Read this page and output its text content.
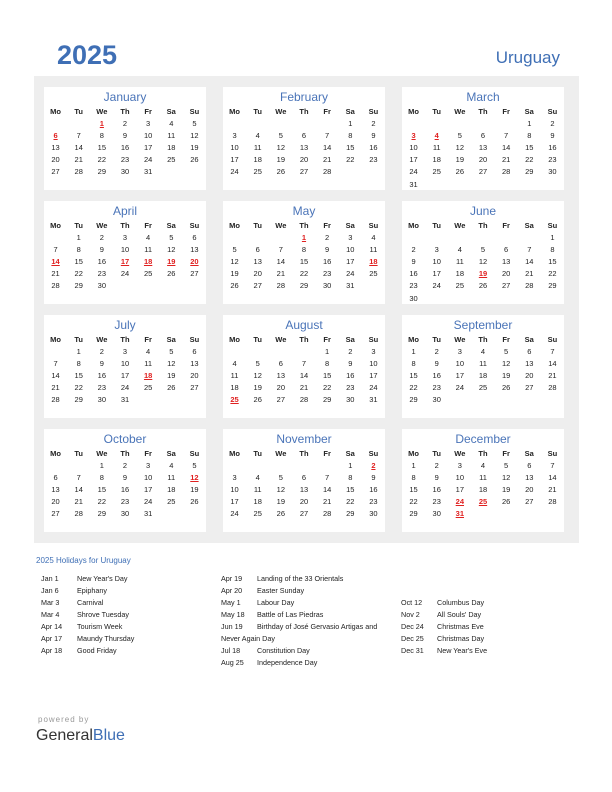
2025	Uruguay
January
Mo	Tu	We	Th	Fr	Sa	Su
		1	2	3	4	5
6	7	8	9	10	11	12
13	14	15	16	17	18	19
20	21	22	23	24	25	26
27	28	29	30	31		
February
Mo	Tu	We	Th	Fr	Sa	Su
					1	2
3	4	5	6	7	8	9
10	11	12	13	14	15	16
17	18	19	20	21	22	23
24	25	26	27	28		
March
Mo	Tu	We	Th	Fr	Sa	Su
					1	2
3	4	5	6	7	8	9
10	11	12	13	14	15	16
17	18	19	20	21	22	23
24	25	26	27	28	29	30
31						
April
Mo	Tu	We	Th	Fr	Sa	Su
	1	2	3	4	5	6
7	8	9	10	11	12	13
14	15	16	17	18	19	20
21	22	23	24	25	26	27
28	29	30				
May
Mo	Tu	We	Th	Fr	Sa	Su
			1	2	3	4
5	6	7	8	9	10	11
12	13	14	15	16	17	18
19	20	21	22	23	24	25
26	27	28	29	30	31	
June
Mo	Tu	We	Th	Fr	Sa	Su
						1
2	3	4	5	6	7	8
9	10	11	12	13	14	15
16	17	18	19	20	21	22
23	24	25	26	27	28	29
30						
July
Mo	Tu	We	Th	Fr	Sa	Su
	1	2	3	4	5	6
7	8	9	10	11	12	13
14	15	16	17	18	19	20
21	22	23	24	25	26	27
28	29	30	31			
August
Mo	Tu	We	Th	Fr	Sa	Su
				1	2	3
4	5	6	7	8	9	10
11	12	13	14	15	16	17
18	19	20	21	22	23	24
25	26	27	28	29	30	31
September
Mo	Tu	We	Th	Fr	Sa	Su
1	2	3	4	5	6	7
8	9	10	11	12	13	14
15	16	17	18	19	20	21
22	23	24	25	26	27	28
29	30					
October
Mo	Tu	We	Th	Fr	Sa	Su
		1	2	3	4	5
6	7	8	9	10	11	12
13	14	15	16	17	18	19
20	21	22	23	24	25	26
27	28	29	30	31		
November
Mo	Tu	We	Th	Fr	Sa	Su
					1	2
3	4	5	6	7	8	9
10	11	12	13	14	15	16
17	18	19	20	21	22	23
24	25	26	27	28	29	30
December
Mo	Tu	We	Th	Fr	Sa	Su
1	2	3	4	5	6	7
8	9	10	11	12	13	14
15	16	17	18	19	20	21
22	23	24	25	26	27	28
29	30	31				
2025 Holidays for Uruguay
Jan 1	New Year's Day
Jan 6	Epiphany
Mar 3 Carnival
Mar 4 Shrove Tuesday
Apr 14 Tourism Week
Apr 17 Maundy Thursday
Apr 18 Good Friday
Apr 19 Landing of the 33 Orientals
Apr 20 Easter Sunday
May 1 Labour Day
May 18 Battle of Las Piedras
Jun 19 Birthday of José Gervasio Artigas and
Never Again Day
Jul 18 Constitution Day
Aug 25 Independence Day
Oct 12 Columbus Day
Nov 2 All Souls' Day
Dec 24 Christmas Eve
Dec 25 Christmas Day
Dec 31 New Year's Eve
powered by
GeneralBlue
